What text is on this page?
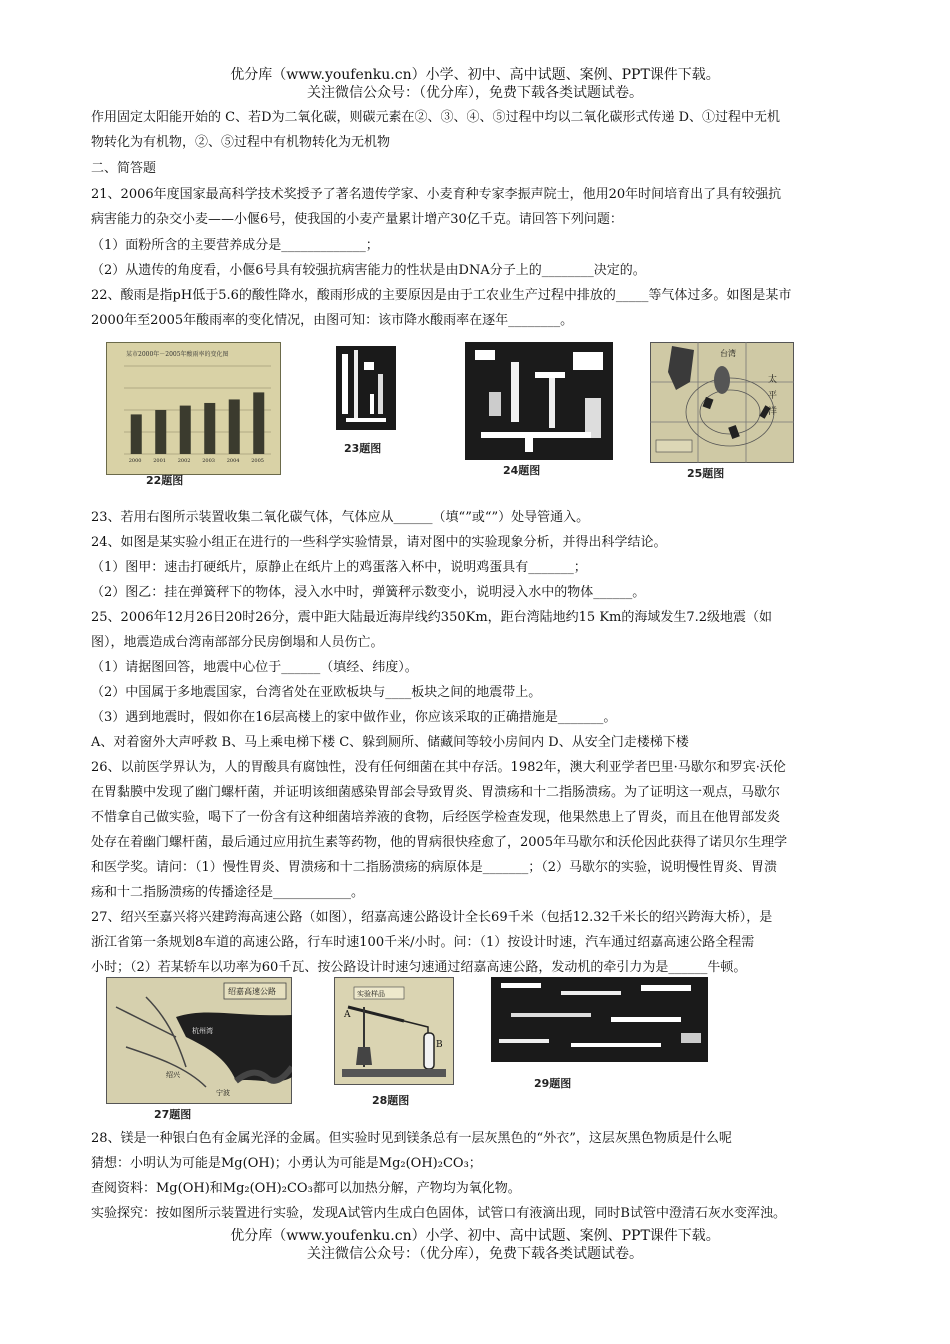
优分库（www.youfenku.cn）小学、初中、高中试题、案例、PPT课件下载。
关注微信公众号：（优分库），免费下载各类试题试卷。
作用固定太阳能开始的 C、若D为二氧化碳，则碳元素在②、③、④、⑤过程中均以二氧化碳形式传递 D、①过程中无机
物转化为有机物，②、⑤过程中有机物转化为无机物
二、简答题
21、2006年度国家最高科学技术奖授予了著名遗传学家、小麦育种专家李振声院士，他用20年时间培育出了具有较强抗
病害能力的杂交小麦——小偃6号，使我国的小麦产量累计增产30亿千克。请回答下列问题：
（1）面粉所含的主要营养成分是_____________；
（2）从遗传的角度看，小偃6号具有较强抗病害能力的性状是由DNA分子上的________决定的。
22、酸雨是指pH低于5.6的酸性降水，酸雨形成的主要原因是由于工农业生产过程中排放的_____等气体过多。如图是某市
2000年至2005年酸雨率的变化情况，由图可知：该市降水酸雨率在逐年________。
某市2000年－2005年酸雨率的变化图
2000 2001 2002 2003 2004 2005
22题图
23题图
24题图
台湾
太
平
洋
25题图
23、若用右图所示装置收集二氧化碳气体，气体应从______（填“”或“”）处导管通入。
24、如图是某实验小组正在进行的一些科学实验情景，请对图中的实验现象分析，并得出科学结论。
（1）图甲：速击打硬纸片，原静止在纸片上的鸡蛋落入杯中，说明鸡蛋具有_______；
（2）图乙：挂在弹簧秤下的物体，浸入水中时，弹簧秤示数变小，说明浸入水中的物体______。
25、2006年12月26日20时26分，震中距大陆最近海岸线约350Km，距台湾陆地约15 Km的海域发生7.2级地震（如
图），地震造成台湾南部部分民房倒塌和人员伤亡。
（1）请据图回答，地震中心位于______（填经、纬度）。
（2）中国属于多地震国家，台湾省处在亚欧板块与____板块之间的地震带上。
（3）遇到地震时，假如你在16层高楼上的家中做作业，你应该采取的正确措施是_______。
A、对着窗外大声呼救 B、马上乘电梯下楼 C、躲到厕所、储藏间等较小房间内 D、从安全门走楼梯下楼
26、以前医学界认为，人的胃酸具有腐蚀性，没有任何细菌在其中存活。1982年，澳大利亚学者巴里·马歇尔和罗宾·沃伦
在胃黏膜中发现了幽门螺杆菌，并证明该细菌感染胃部会导致胃炎、胃溃疡和十二指肠溃疡。为了证明这一观点，马歇尔
不惜拿自己做实验，喝下了一份含有这种细菌培养液的食物，后经医学检查发现，他果然患上了胃炎，而且在他胃部发炎
处存在着幽门螺杆菌，最后通过应用抗生素等药物，他的胃病很快痊愈了，2005年马歇尔和沃伦因此获得了诺贝尔生理学
和医学奖。请问：（1）慢性胃炎、胃溃疡和十二指肠溃疡的病原体是_______；（2）马歇尔的实验，说明慢性胃炎、胃溃
疡和十二指肠溃疡的传播途径是____________。
27、绍兴至嘉兴将兴建跨海高速公路（如图），绍嘉高速公路设计全长69千米（包括12.32千米长的绍兴跨海大桥），是
浙江省第一条规划8车道的高速公路，行车时速100千米/小时。问：（1）按设计时速，汽车通过绍嘉高速公路全程需
小时；（2）若某轿车以功率为60千瓦、按公路设计时速匀速通过绍嘉高速公路，发动机的牵引力为是______牛顿。
绍嘉高速公路
杭州湾
绍兴
宁波
27题图
实验样品
A
B
28题图
29题图
28、镁是一种银白色有金属光泽的金属。但实验时见到镁条总有一层灰黑色的“外衣”，这层灰黑色物质是什么呢
猜想：小明认为可能是Mg(OH)；小勇认为可能是Mg₂(OH)₂CO₃；
查阅资料：Mg(OH)和Mg₂(OH)₂CO₃都可以加热分解，产物均为氧化物。
实验探究：按如图所示装置进行实验，发现A试管内生成白色固体，试管口有液滴出现，同时B试管中澄清石灰水变浑浊。
优分库（www.youfenku.cn）小学、初中、高中试题、案例、PPT课件下载。
关注微信公众号：（优分库），免费下载各类试题试卷。
